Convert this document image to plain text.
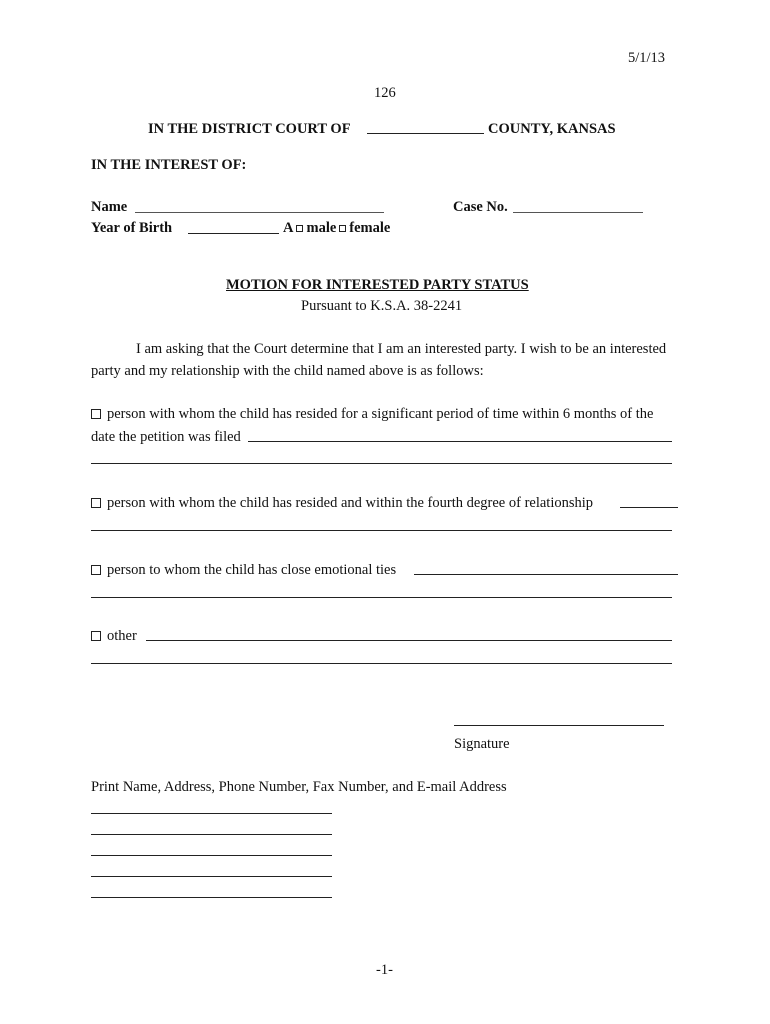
5/1/13
126
IN THE DISTRICT COURT OF	COUNTY, KANSAS
IN THE INTEREST OF:
Name	Case No.
Year of Birth	A male female
MOTION FOR INTERESTED PARTY STATUS
Pursuant to K.S.A. 38-2241
I am asking that the Court determine that I am an interested party. I wish to be an interested
party and my relationship with the child named above is as follows:
person with whom the child has resided for a significant period of time within 6 months of the
date the petition was filed
person with whom the child has resided and within the fourth degree of relationship
person to whom the child has close emotional ties
other
Signature
Print Name, Address, Phone Number, Fax Number, and E-mail Address
-1-
